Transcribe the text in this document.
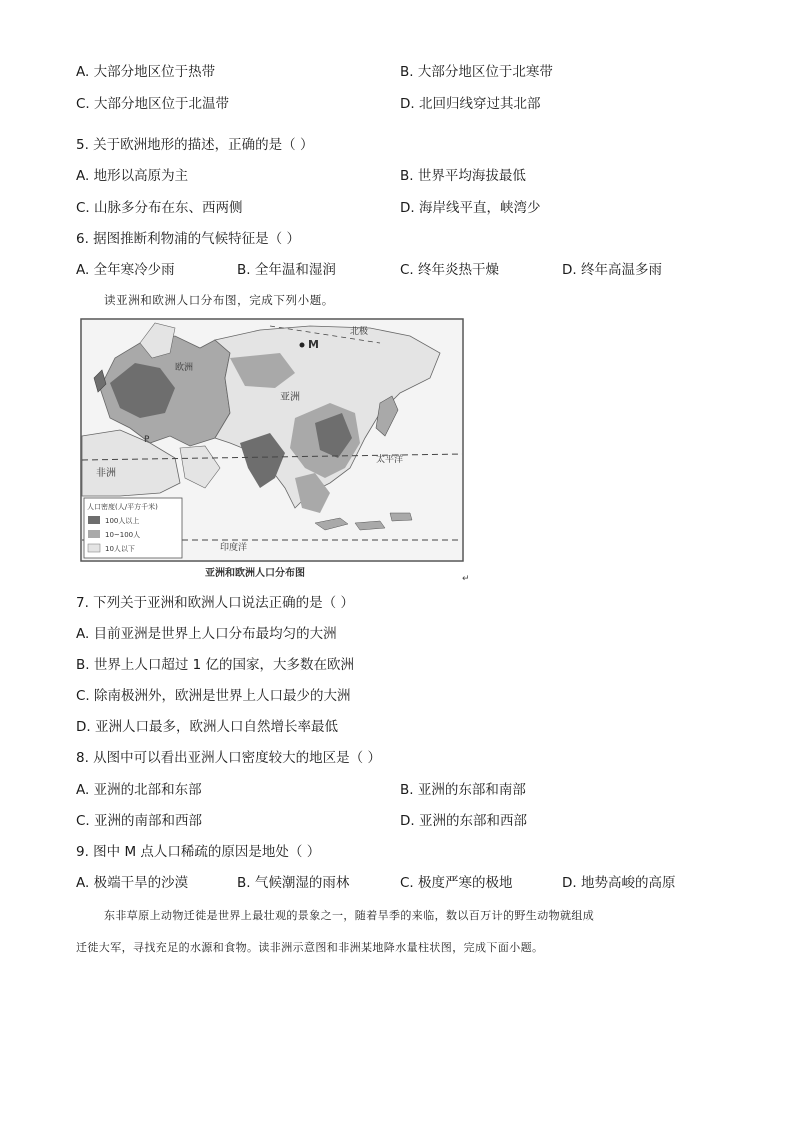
A. 大部分地区位于热带	B. 大部分地区位于北寒带
C. 大部分地区位于北温带	D. 北回归线穿过其北部
5. 关于欧洲地形的描述，正确的是（ ）
A. 地形以高原为主	B. 世界平均海拔最低
C. 山脉多分布在东、西两侧	D. 海岸线平直，峡湾少
6. 据图推断利物浦的气候特征是（ ）
A. 全年寒冷少雨	B. 全年温和湿润	C. 终年炎热干燥	D. 终年高温多雨
读亚洲和欧洲人口分布图，完成下列小题。
北极
M
欧洲
亚洲
非洲
太平洋
印度洋
P
人口密度(人/平方千米)
100人以上
10~100人
10人以下
亚洲和欧洲人口分布图	↵
7. 下列关于亚洲和欧洲人口说法正确的是（ ）
A. 目前亚洲是世界上人口分布最均匀的大洲
B. 世界上人口超过 1 亿的国家，大多数在欧洲
C. 除南极洲外，欧洲是世界上人口最少的大洲
D. 亚洲人口最多，欧洲人口自然增长率最低
8. 从图中可以看出亚洲人口密度较大的地区是（ ）
A. 亚洲的北部和东部	B. 亚洲的东部和南部
C. 亚洲的南部和西部	D. 亚洲的东部和西部
9. 图中 M 点人口稀疏的原因是地处（ ）
A. 极端干旱的沙漠	B. 气候潮湿的雨林	C. 极度严寒的极地	D. 地势高峻的高原
东非草原上动物迁徙是世界上最壮观的景象之一，随着旱季的来临，数以百万计的野生动物就组成
迁徙大军，寻找充足的水源和食物。读非洲示意图和非洲某地降水量柱状图，完成下面小题。
